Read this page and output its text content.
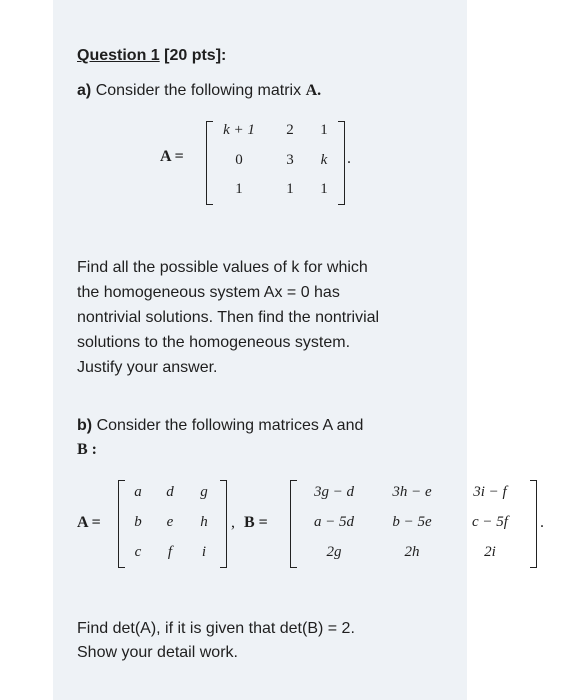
Question 1 [20 pts]:
a) Consider the following matrix A.
A =
k + 1	2	1
0	3	k
1	1	1
.
Find all the possible values of k for which
the homogeneous system Ax = 0 has
nontrivial solutions. Then find the nontrivial
solutions to the homogeneous system.
Justify your answer.
b) Consider the following matrices A and
B :
A =
a	d	g
b	e	h
c	f	i
, B =
3g − d	3h − e	3i − f
a − 5d	b − 5e	c − 5f
2g	2h	2i
.
Find det(A), if it is given that det(B) = 2.
Show your detail work.
